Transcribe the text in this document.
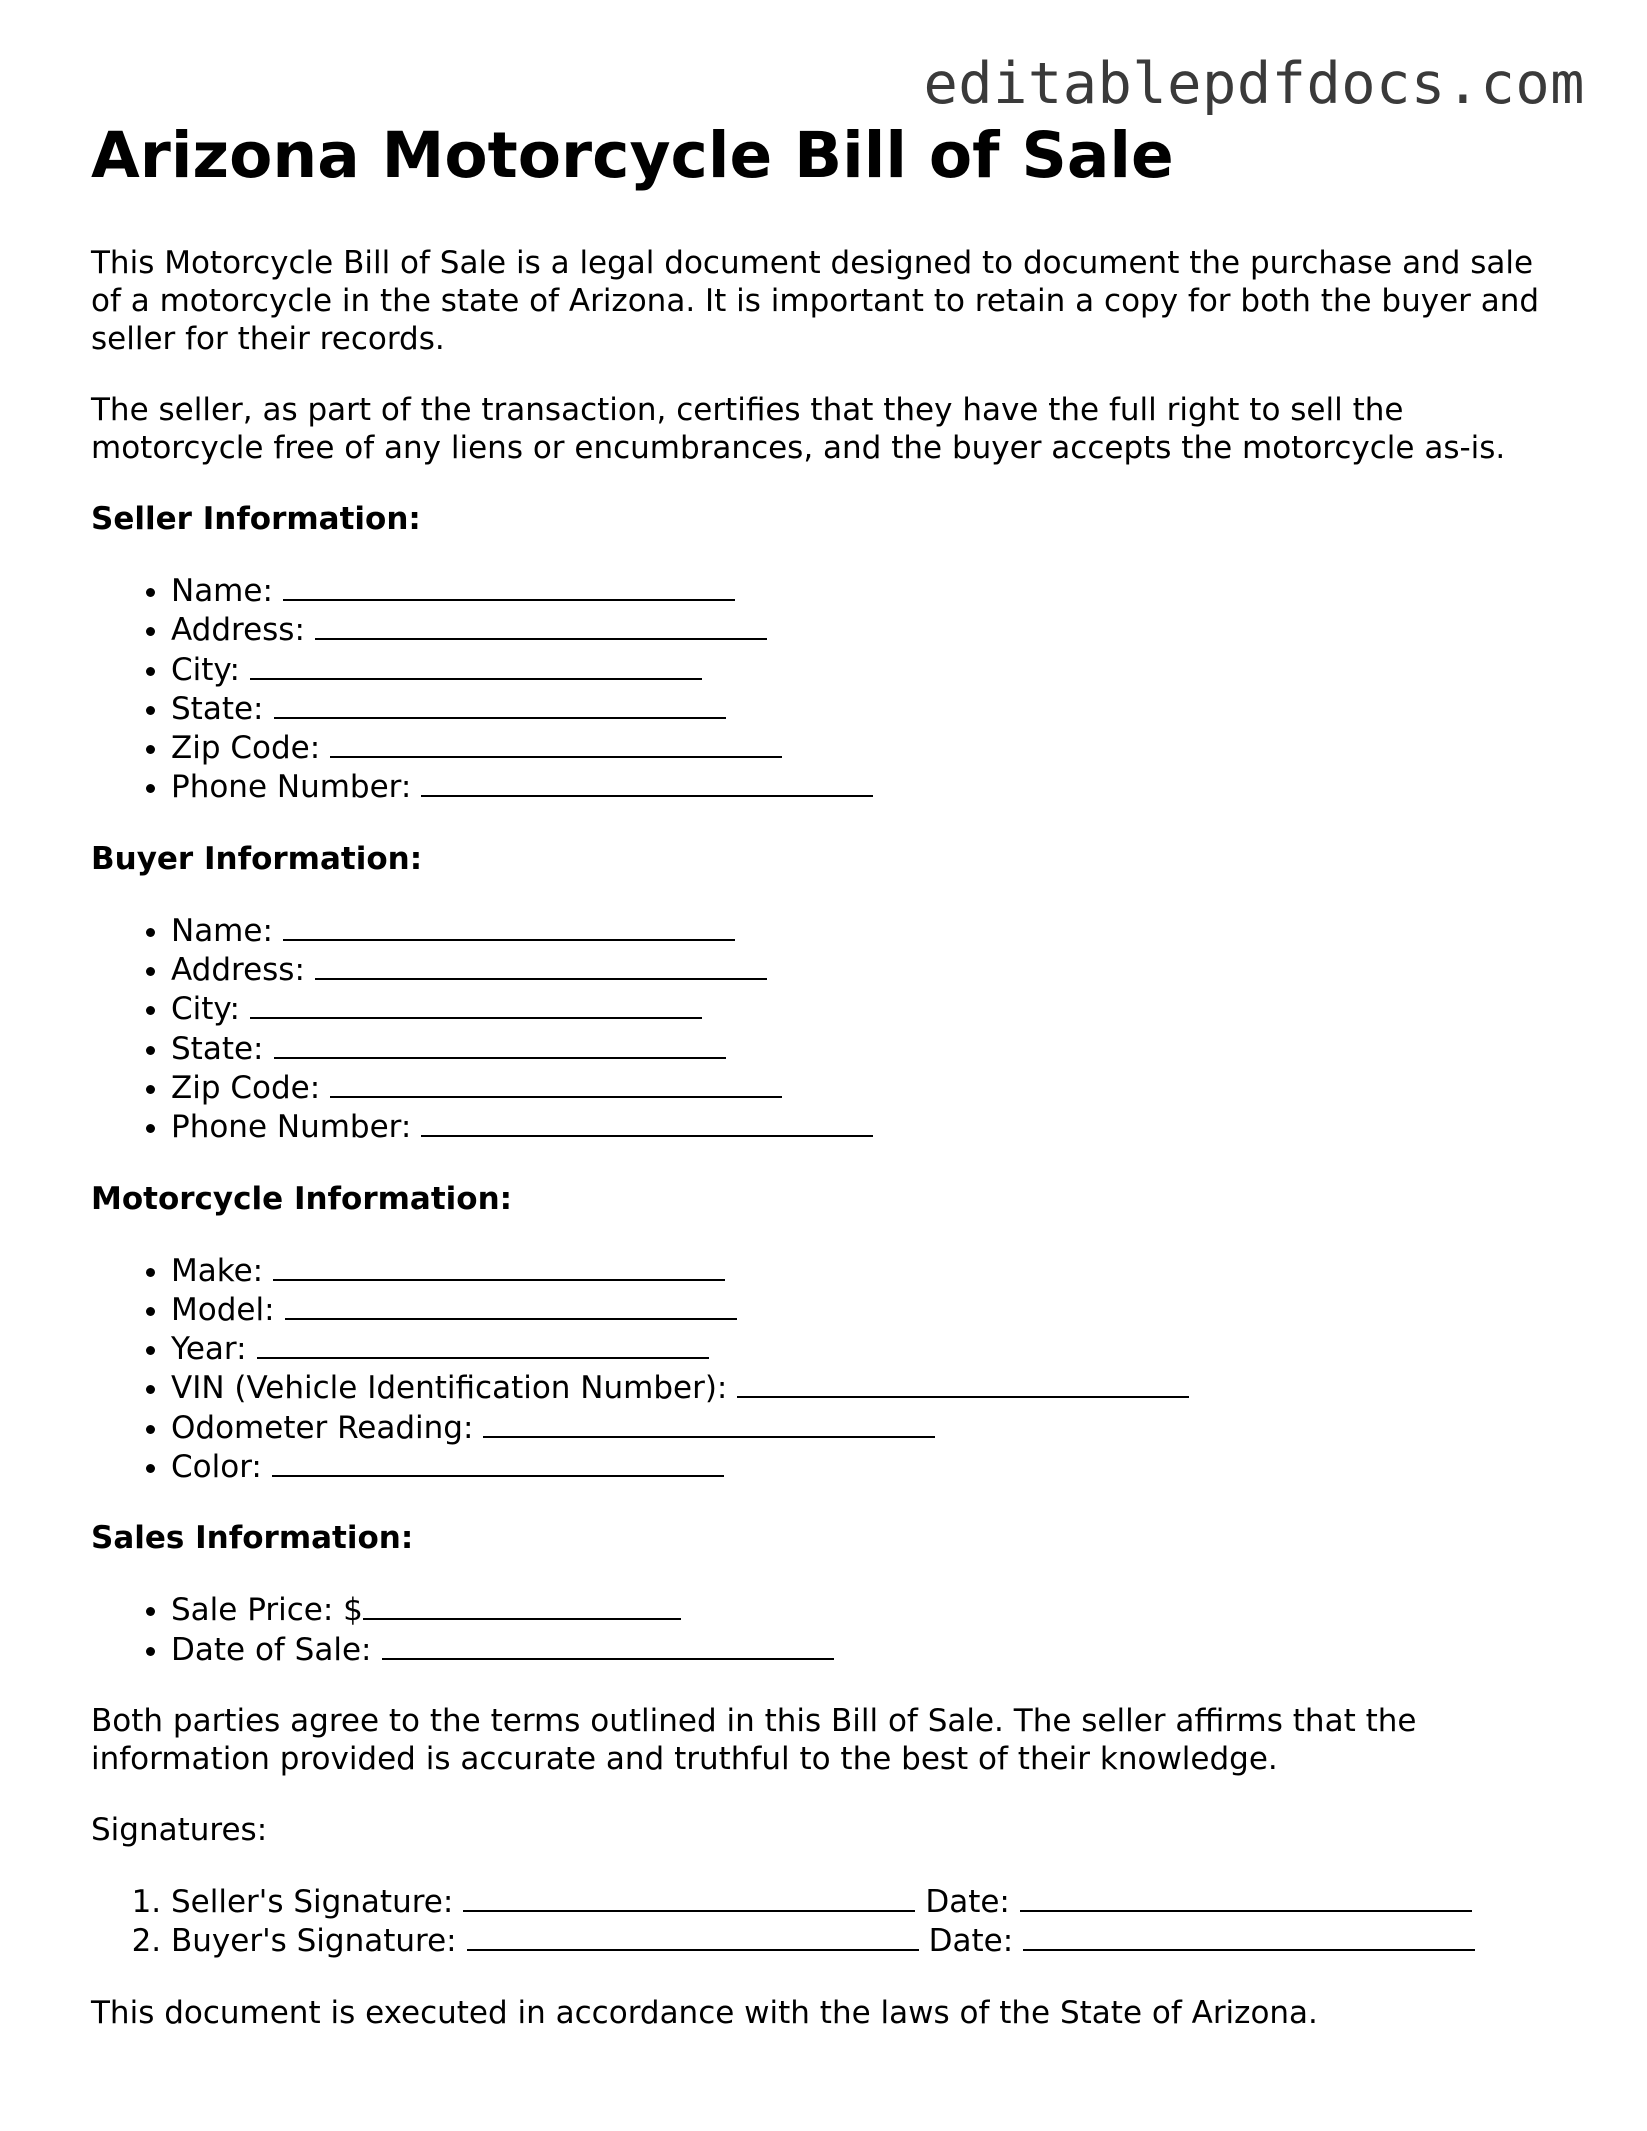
editablepdfdocs.com
Arizona Motorcycle Bill of Sale

This Motorcycle Bill of Sale is a legal document designed to document the purchase and sale of a motorcycle in the state of Arizona. It is important to retain a copy for both the buyer and seller for their records.

The seller, as part of the transaction, certifies that they have the full right to sell the motorcycle free of any liens or encumbrances, and the buyer accepts the motorcycle as-is.

Seller Information:
• Name:
• Address:
• City:
• State:
• Zip Code:
• Phone Number:
Buyer Information:
• Name:
• Address:
• City:
• State:
• Zip Code:
• Phone Number:
Motorcycle Information:
• Make:
• Model:
• Year:
• VIN (Vehicle Identification Number):
• Odometer Reading:
• Color:
Sales Information:
• Sale Price: $
• Date of Sale:

Both parties agree to the terms outlined in this Bill of Sale. The seller affirms that the information provided is accurate and truthful to the best of their knowledge.

Signatures:

1. Seller's Signature:	Date:
2. Buyer's Signature:	Date:

This document is executed in accordance with the laws of the State of Arizona.
